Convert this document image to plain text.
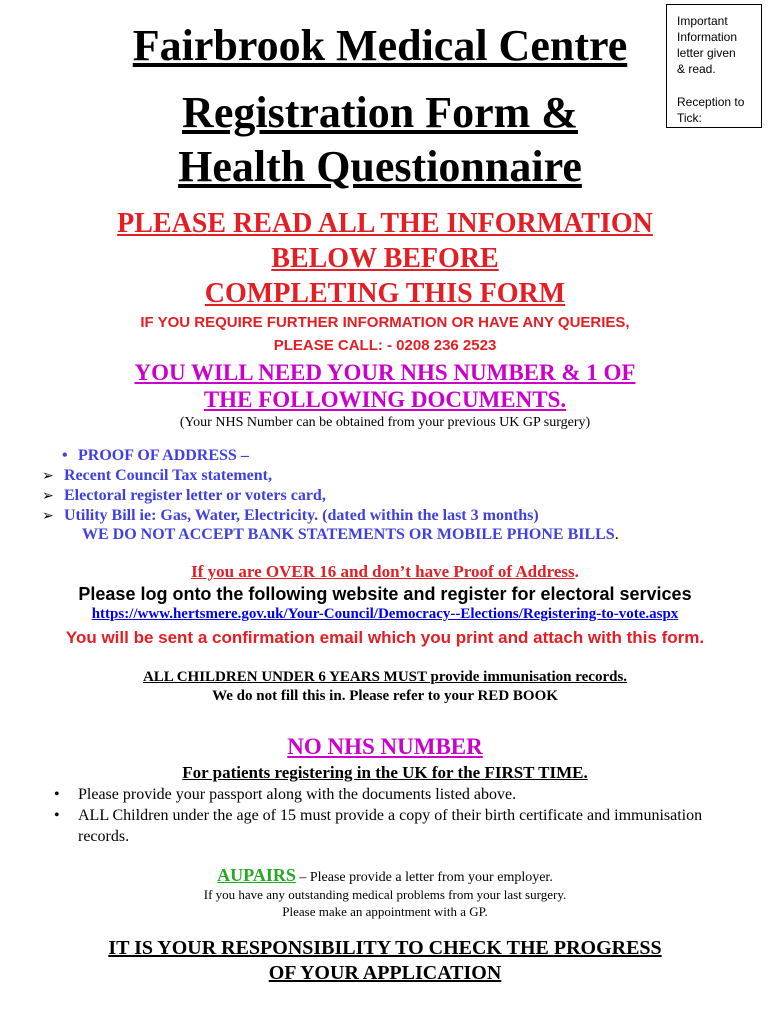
Fairbrook Medical Centre
Registration Form &
Health Questionnaire
Important
Information
letter given
& read.
Reception to
Tick:
PLEASE READ ALL THE INFORMATION
BELOW BEFORE
COMPLETING THIS FORM
IF YOU REQUIRE FURTHER INFORMATION OR HAVE ANY QUERIES,
PLEASE CALL: - 0208 236 2523
YOU WILL NEED YOUR NHS NUMBER & 1 OF
THE FOLLOWING DOCUMENTS.
(Your NHS Number can be obtained from your previous UK GP surgery)
• PROOF OF ADDRESS –
➢ Recent Council Tax statement,
➢ Electoral register letter or voters card,
➢ Utility Bill ie: Gas, Water, Electricity. (dated within the last 3 months)
WE DO NOT ACCEPT BANK STATEMENTS OR MOBILE PHONE BILLS.
If you are OVER 16 and don’t have Proof of Address.
Please log onto the following website and register for electoral services
https://www.hertsmere.gov.uk/Your-Council/Democracy--Elections/Registering-to-vote.aspx
You will be sent a confirmation email which you print and attach with this form.
ALL CHILDREN UNDER 6 YEARS MUST provide immunisation records.
We do not fill this in. Please refer to your RED BOOK
NO NHS NUMBER
For patients registering in the UK for the FIRST TIME.
•	Please provide your passport along with the documents listed above.
•	ALL Children under the age of 15 must provide a copy of their birth certificate and immunisation records.
AUPAIRS – Please provide a letter from your employer.
If you have any outstanding medical problems from your last surgery.
Please make an appointment with a GP.
IT IS YOUR RESPONSIBILITY TO CHECK THE PROGRESS
OF YOUR APPLICATION
